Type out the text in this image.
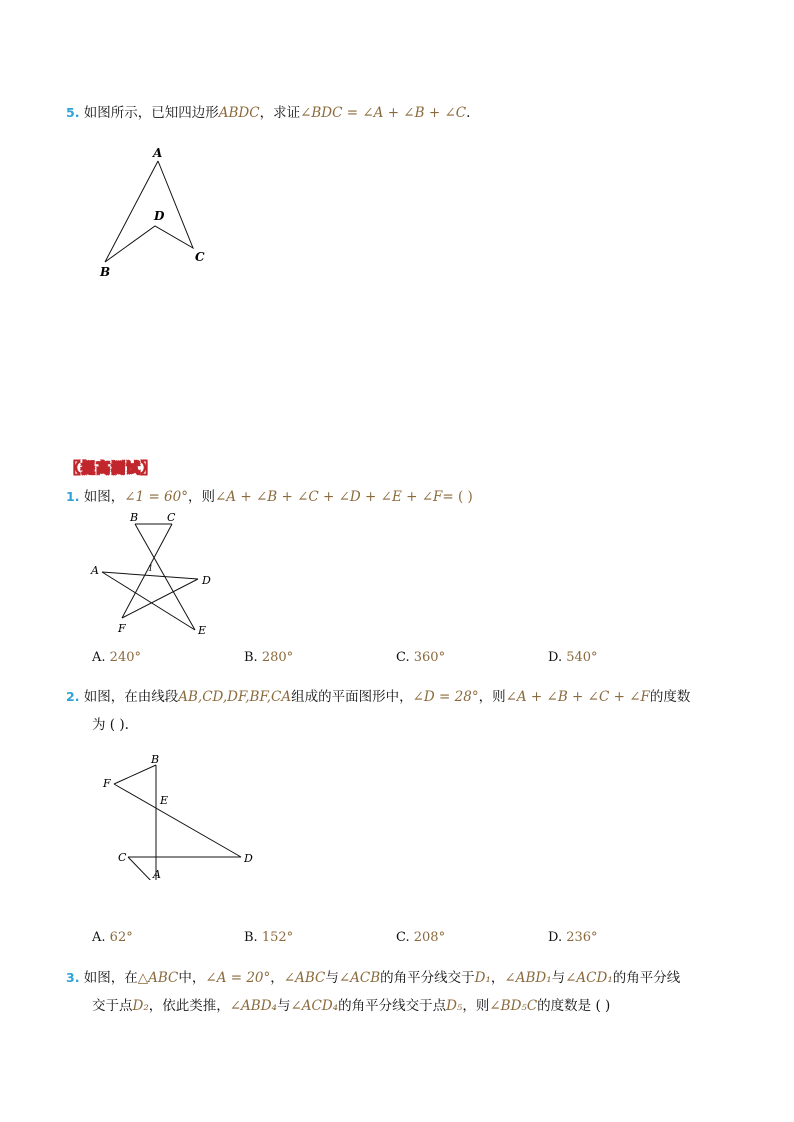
5. 如图所示，已知四边形ABDC，求证∠BDC = ∠A + ∠B + ∠C.
A
B
C
D
【提高测试】
1. 如图，∠1 = 60°，则∠A + ∠B + ∠C + ∠D + ∠E + ∠F= ( )
B	C
A
D
F	E
1
A. 240°	B. 280°	C. 360°	D. 540°
2. 如图，在由线段AB,CD,DF,BF,CA组成的平面图形中，∠D = 28°，则∠A + ∠B + ∠C + ∠F的度数
为 ( ).
B
F
E
C	D
A
A. 62°	B. 152°	C. 208°	D. 236°
3. 如图，在△ABC中，∠A = 20°，∠ABC与∠ACB的角平分线交于D₁，∠ABD₁与∠ACD₁的角平分线
交于点D₂，依此类推，∠ABD₄与∠ACD₄的角平分线交于点D₅，则∠BD₅C的度数是 ( )
